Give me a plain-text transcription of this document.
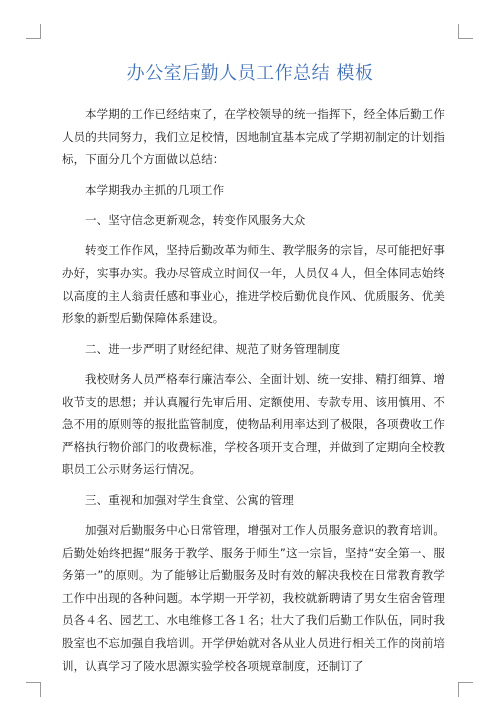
办公室后勤人员工作总结 模板

本学期的工作已经结束了，在学校领导的统一指挥下，经全体后勤工作人员的共同努力，我们立足校情，因地制宜基本完成了学期初制定的计划指标，下面分几个方面做以总结：

本学期我办主抓的几项工作

一、坚守信念更新观念，转变作风服务大众

转变工作作风，坚持后勤改革为师生、教学服务的宗旨，尽可能把好事办好，实事办实。我办尽管成立时间仅一年，人员仅４人，但全体同志始终以高度的主人翁责任感和事业心，推进学校后勤优良作风、优质服务、优美形象的新型后勤保障体系建设。

二、进一步严明了财经纪律、规范了财务管理制度

我校财务人员严格奉行廉洁奉公、全面计划、统一安排、精打细算、增收节支的思想；并认真履行先审后用、定额使用、专款专用、该用慎用、不急不用的原则等的报批监管制度，使物品利用率达到了极限，各项费收工作严格执行物价部门的收费标准，学校各项开支合理，并做到了定期向全校教职员工公示财务运行情况。

三、重视和加强对学生食堂、公寓的管理

加强对后勤服务中心日常管理，增强对工作人员服务意识的教育培训。后勤处始终把握“服务于教学、服务于师生”这一宗旨，坚持“安全第一、服务第一”的原则。为了能够让后勤服务及时有效的解决我校在日常教育教学工作中出现的各种问题。本学期一开学初，我校就新聘请了男女生宿舍管理员各４名、园艺工、水电维修工各１名；壮大了我们后勤工作队伍，同时我股室也不忘加强自我培训。开学伊始就对各从业人员进行相关工作的岗前培训，认真学习了陵水思源实验学校各项规章制度，还制订了
